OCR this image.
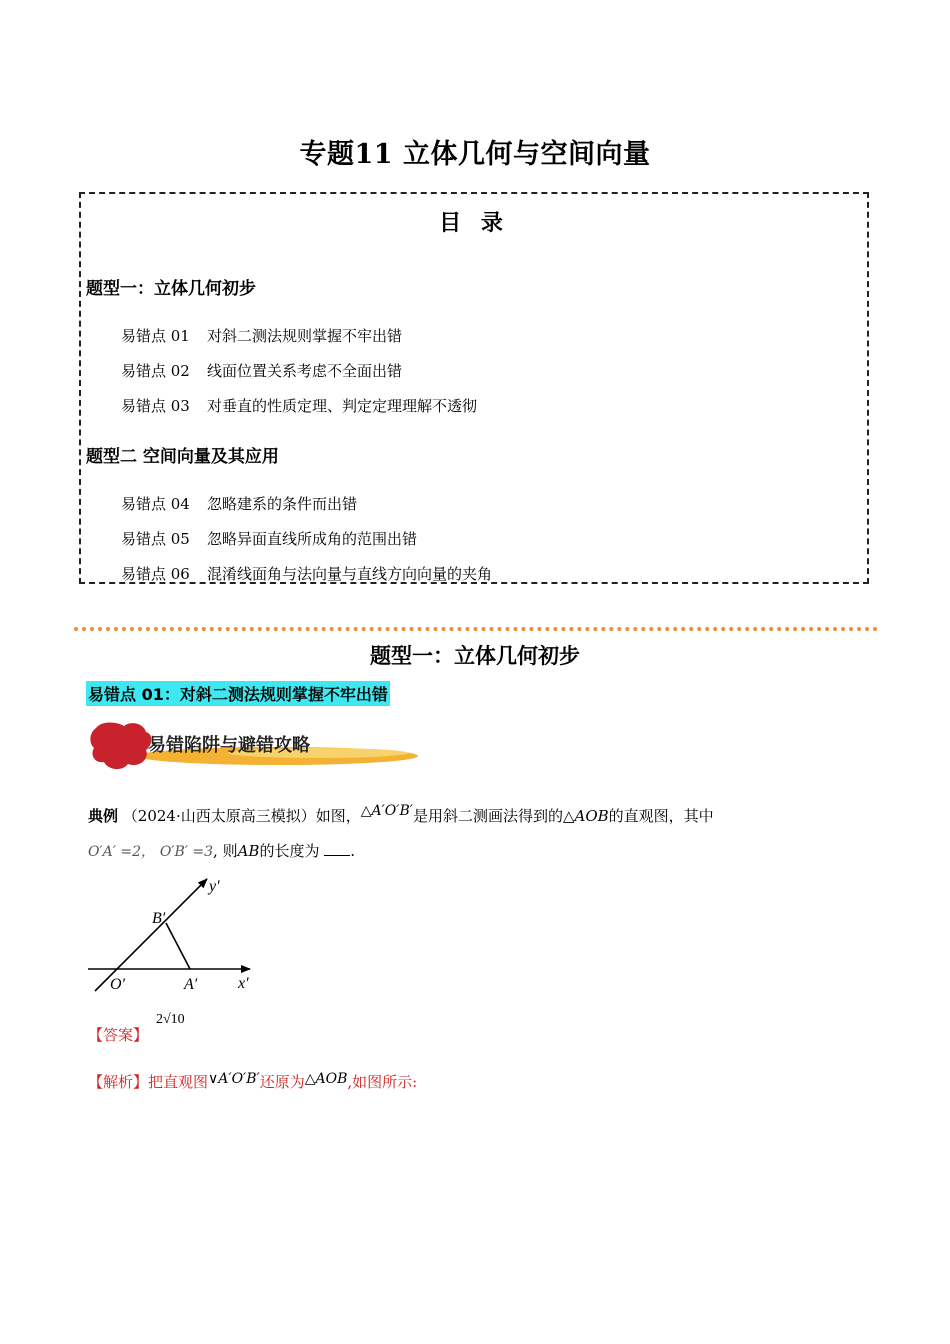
专题11 立体几何与空间向量
目 录
题型一：立体几何初步
易错点 01 对斜二测法规则掌握不牢出错
易错点 02 线面位置关系考虑不全面出错
易错点 03 对垂直的性质定理、判定定理理解不透彻
题型二 空间向量及其应用
易错点 04 忽略建系的条件而出错
易错点 05 忽略异面直线所成角的范围出错
易错点 06 混淆线面角与法向量与直线方向向量的夹角
题型一：立体几何初步
易错点 01：对斜二测法规则掌握不牢出错
易错陷阱与避错攻略
典例 （2024·山西太原高三模拟）如图，△A′O′B′是用斜二测画法得到的△AOB的直观图，其中
O′A′ =2， O′B′ =3, 则AB的长度为 .
y′
B′
O′	A′	x′
【答案】
2√10
【解析】把直观图∨A′O′B′还原为△AOB,如图所示:
